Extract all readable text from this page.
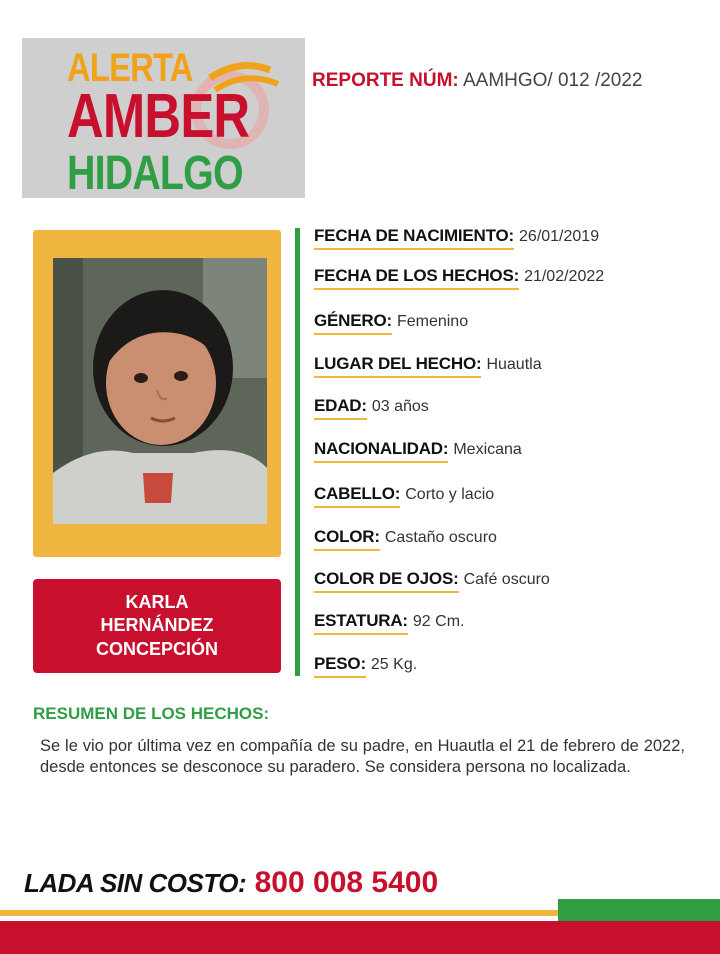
ALERTA
AMBER
HIDALGO
REPORTE NÚM: AAMHGO/ 012 /2022
KARLA
HERNÁNDEZ
CONCEPCIÓN
FECHA DE NACIMIENTO: 26/01/2019
FECHA DE LOS HECHOS: 21/02/2022
GÉNERO: Femenino
LUGAR DEL HECHO: Huautla
EDAD: 03 años
NACIONALIDAD: Mexicana
CABELLO: Corto y lacio
COLOR: Castaño oscuro
COLOR DE OJOS: Café oscuro
ESTATURA: 92 Cm.
PESO: 25 Kg.
RESUMEN DE LOS HECHOS:
Se le vio por última vez en compañía de su padre, en Huautla el 21 de febrero de 2022, desde entonces se desconoce su paradero. Se considera persona no localizada.
LADA SIN COSTO: 800 008 5400
